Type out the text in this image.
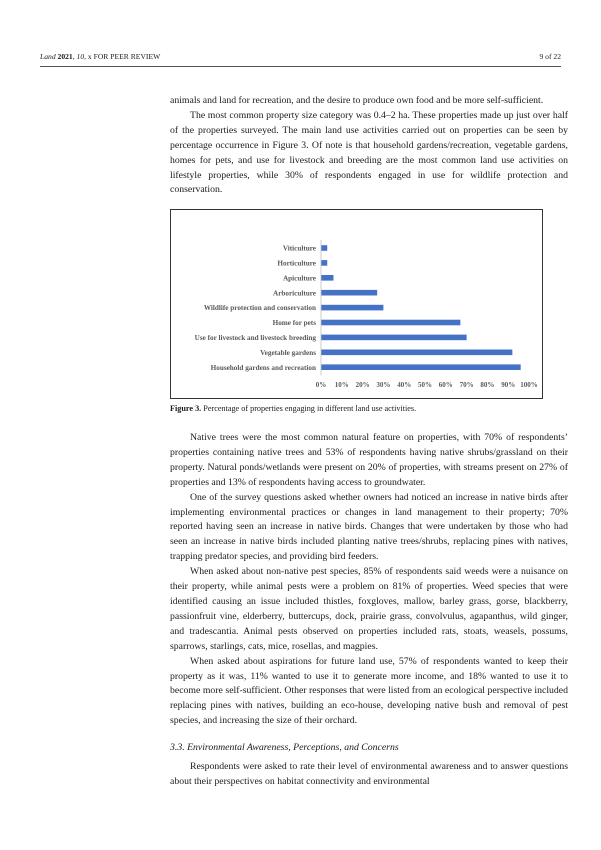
Land 2021, 10, x FOR PEER REVIEW	9 of 22

animals and land for recreation, and the desire to produce own food and be more self-sufficient.

The most common property size category was 0.4–2 ha. These properties made up just over half of the properties surveyed. The main land use activities carried out on properties can be seen by percentage occurrence in Figure 3. Of note is that household gardens/recreation, vegetable gardens, homes for pets, and use for livestock and breeding are the most common land use activities on lifestyle properties, while 30% of respondents engaged in use for wildlife protection and conservation.

Viticulture
Horticulture
Apiculture
Arboriculture
Wildlife protection and conservation
Home for pets
Use for livestock and livestock breeding
Vegetable gardens
Household gardens and recreation
0% 10% 20% 30% 40% 50% 60% 70% 80% 90% 100%
Figure 3. Percentage of properties engaging in different land use activities.

Native trees were the most common natural feature on properties, with 70% of respondents’ properties containing native trees and 53% of respondents having native shrubs/grassland on their property. Natural ponds/wetlands were present on 20% of properties, with streams present on 27% of properties and 13% of respondents having access to groundwater.

One of the survey questions asked whether owners had noticed an increase in native birds after implementing environmental practices or changes in land management to their property; 70% reported having seen an increase in native birds. Changes that were undertaken by those who had seen an increase in native birds included planting native trees/shrubs, replacing pines with natives, trapping predator species, and providing bird feeders.

When asked about non-native pest species, 85% of respondents said weeds were a nuisance on their property, while animal pests were a problem on 81% of properties. Weed species that were identified causing an issue included thistles, foxgloves, mallow, barley grass, gorse, blackberry, passionfruit vine, elderberry, buttercups, dock, prairie grass, convolvulus, agapanthus, wild ginger, and tradescantia. Animal pests observed on properties included rats, stoats, weasels, possums, sparrows, starlings, cats, mice, rosellas, and magpies.

When asked about aspirations for future land use, 57% of respondents wanted to keep their property as it was, 11% wanted to use it to generate more income, and 18% wanted to use it to become more self-sufficient. Other responses that were listed from an ecological perspective included replacing pines with natives, building an eco-house, developing native bush and removal of pest species, and increasing the size of their orchard.

3.3. Environmental Awareness, Perceptions, and Concerns

Respondents were asked to rate their level of environmental awareness and to answer questions about their perspectives on habitat connectivity and environmental
